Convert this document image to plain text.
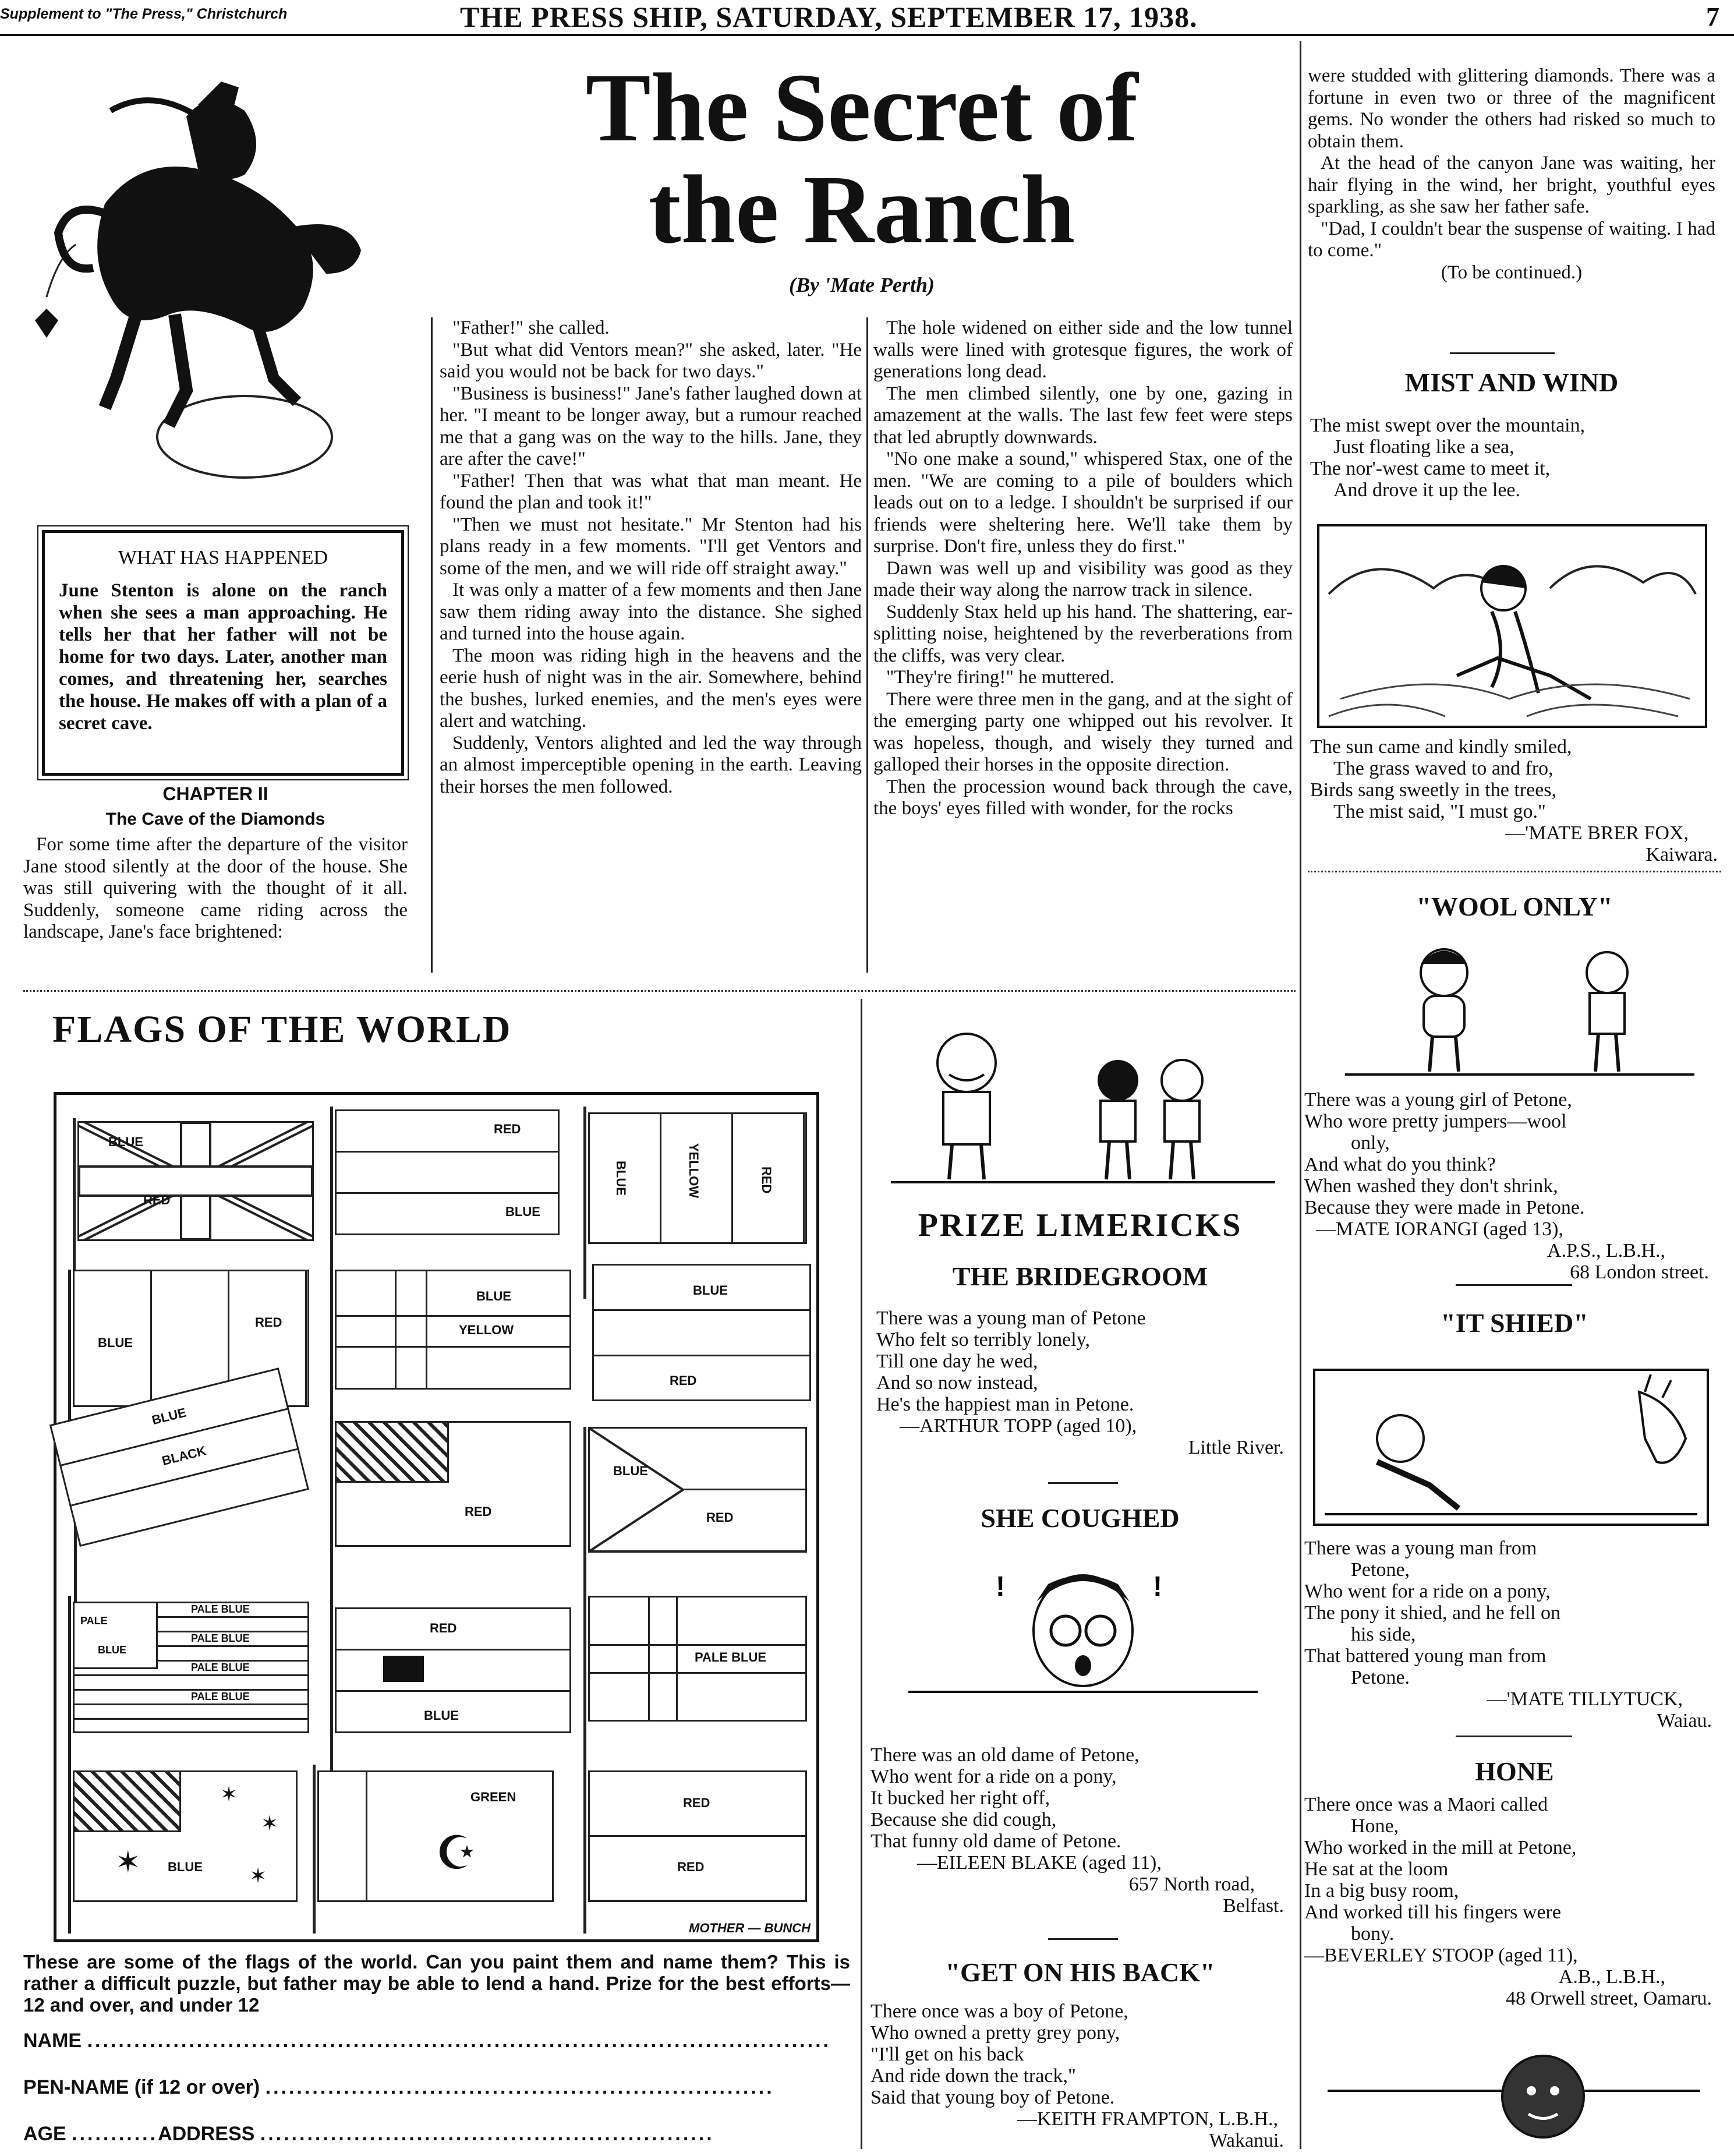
Supplement to "The Press," Christchurch	THE PRESS SHIP, SATURDAY, SEPTEMBER 17, 1938.	7
The Secret of
the Ranch
(By 'Mate Perth)
WHAT HAS HAPPENED
June Stenton is alone on the ranch when she sees a man approaching. He tells her that her father will not be home for two days. Later, another man comes, and threatening her, searches the house. He makes off with a plan of a secret cave.
CHAPTER II
The Cave of the Diamonds

For some time after the departure of the visitor Jane stood silently at the door of the house. She was still quivering with the thought of it all. Suddenly, someone came riding across the landscape, Jane's face brightened:

"Father!" she called.

"But what did Ventors mean?" she asked, later. "He said you would not be back for two days."

"Business is business!" Jane's father laughed down at her. "I meant to be longer away, but a rumour reached me that a gang was on the way to the hills. Jane, they are after the cave!"

"Father! Then that was what that man meant. He found the plan and took it!"

"Then we must not hesitate." Mr Stenton had his plans ready in a few moments. "I'll get Ventors and some of the men, and we will ride off straight away."

It was only a matter of a few moments and then Jane saw them riding away into the distance. She sighed and turned into the house again.

The moon was riding high in the heavens and the eerie hush of night was in the air. Somewhere, behind the bushes, lurked enemies, and the men's eyes were alert and watching.

Suddenly, Ventors alighted and led the way through an almost imperceptible opening in the earth. Leaving their horses the men followed.

The hole widened on either side and the low tunnel walls were lined with grotesque figures, the work of generations long dead.

The men climbed silently, one by one, gazing in amazement at the walls. The last few feet were steps that led abruptly downwards.

"No one make a sound," whispered Stax, one of the men. "We are coming to a pile of boulders which leads out on to a ledge. I shouldn't be surprised if our friends were sheltering here. We'll take them by surprise. Don't fire, unless they do first."

Dawn was well up and visibility was good as they made their way along the narrow track in silence.

Suddenly Stax held up his hand. The shattering, ear-splitting noise, heightened by the reverberations from the cliffs, was very clear.

"They're firing!" he muttered.

There were three men in the gang, and at the sight of the emerging party one whipped out his revolver. It was hopeless, though, and wisely they turned and galloped their horses in the opposite direction.

Then the procession wound back through the cave, the boys' eyes filled with wonder, for the rocks

were studded with glittering diamonds. There was a fortune in even two or three of the magnificent gems. No wonder the others had risked so much to obtain them.

At the head of the canyon Jane was waiting, her hair flying in the wind, her bright, youthful eyes sparkling, as she saw her father safe.

"Dad, I couldn't bear the suspense of waiting. I had to come."

(To be continued.)

MIST AND WIND
The mist swept over the mountain,
Just floating like a sea,
The nor'-west came to meet it,
And drove it up the lee.
The sun came and kindly smiled,
The grass waved to and fro,
Birds sang sweetly in the trees,
The mist said, "I must go."
—'MATE BRER FOX,
Kaiwara.
"WOOL ONLY"
There was a young girl of Petone,
Who wore pretty jumpers—wool
only,
And what do you think?
When washed they don't shrink,
Because they were made in Petone.
—MATE IORANGI (aged 13),
A.P.S., L.B.H.,
68 London street.
"IT SHIED"
There was a young man from
Petone,
Who went for a ride on a pony,
The pony it shied, and he fell on
his side,
That battered young man from
Petone.
—'MATE TILLYTUCK,
Waiau.
HONE
There once was a Maori called
Hone,
Who worked in the mill at Petone,
He sat at the loom
In a big busy room,
And worked till his fingers were
bony.
—BEVERLEY STOOP (aged 11),
A.B., L.B.H.,
48 Orwell street, Oamaru.
FLAGS OF THE WORLD
BLUE
RED
RED
BLUE
BLUE	YELLOW	RED
BLUE
RED
BLUE
YELLOW
BLUE
RED
BLUE
BLACK
RED
BLUE
RED
PALE
BLUE
PALE BLUE
PALE BLUE
PALE BLUE
PALE BLUE
RED
BLUE
PALE BLUE
✶
✶
✶
✶
BLUE	☪
GREEN	RED
RED
MOTHER — BUNCH
These are some of the flags of the world. Can you paint them and name them? This is rather a difficult puzzle, but father may be able to lend a hand. Prize for the best efforts—12 and over, and under 12
NAME ...............................................................................................
PEN-NAME (if 12 or over) .................................................................
AGE ...........ADDRESS ..........................................................
PRIZE LIMERICKS
THE BRIDEGROOM
There was a young man of Petone
Who felt so terribly lonely,
Till one day he wed,
And so now instead,
He's the happiest man in Petone.
—ARTHUR TOPP (aged 10),
Little River.
SHE COUGHED
!	!
There was an old dame of Petone,
Who went for a ride on a pony,
It bucked her right off,
Because she did cough,
That funny old dame of Petone.
—EILEEN BLAKE (aged 11),
657 North road,
Belfast.
"GET ON HIS BACK"
There once was a boy of Petone,
Who owned a pretty grey pony,
"I'll get on his back
And ride down the track,"
Said that young boy of Petone.
—KEITH FRAMPTON, L.B.H.,
Wakanui.
